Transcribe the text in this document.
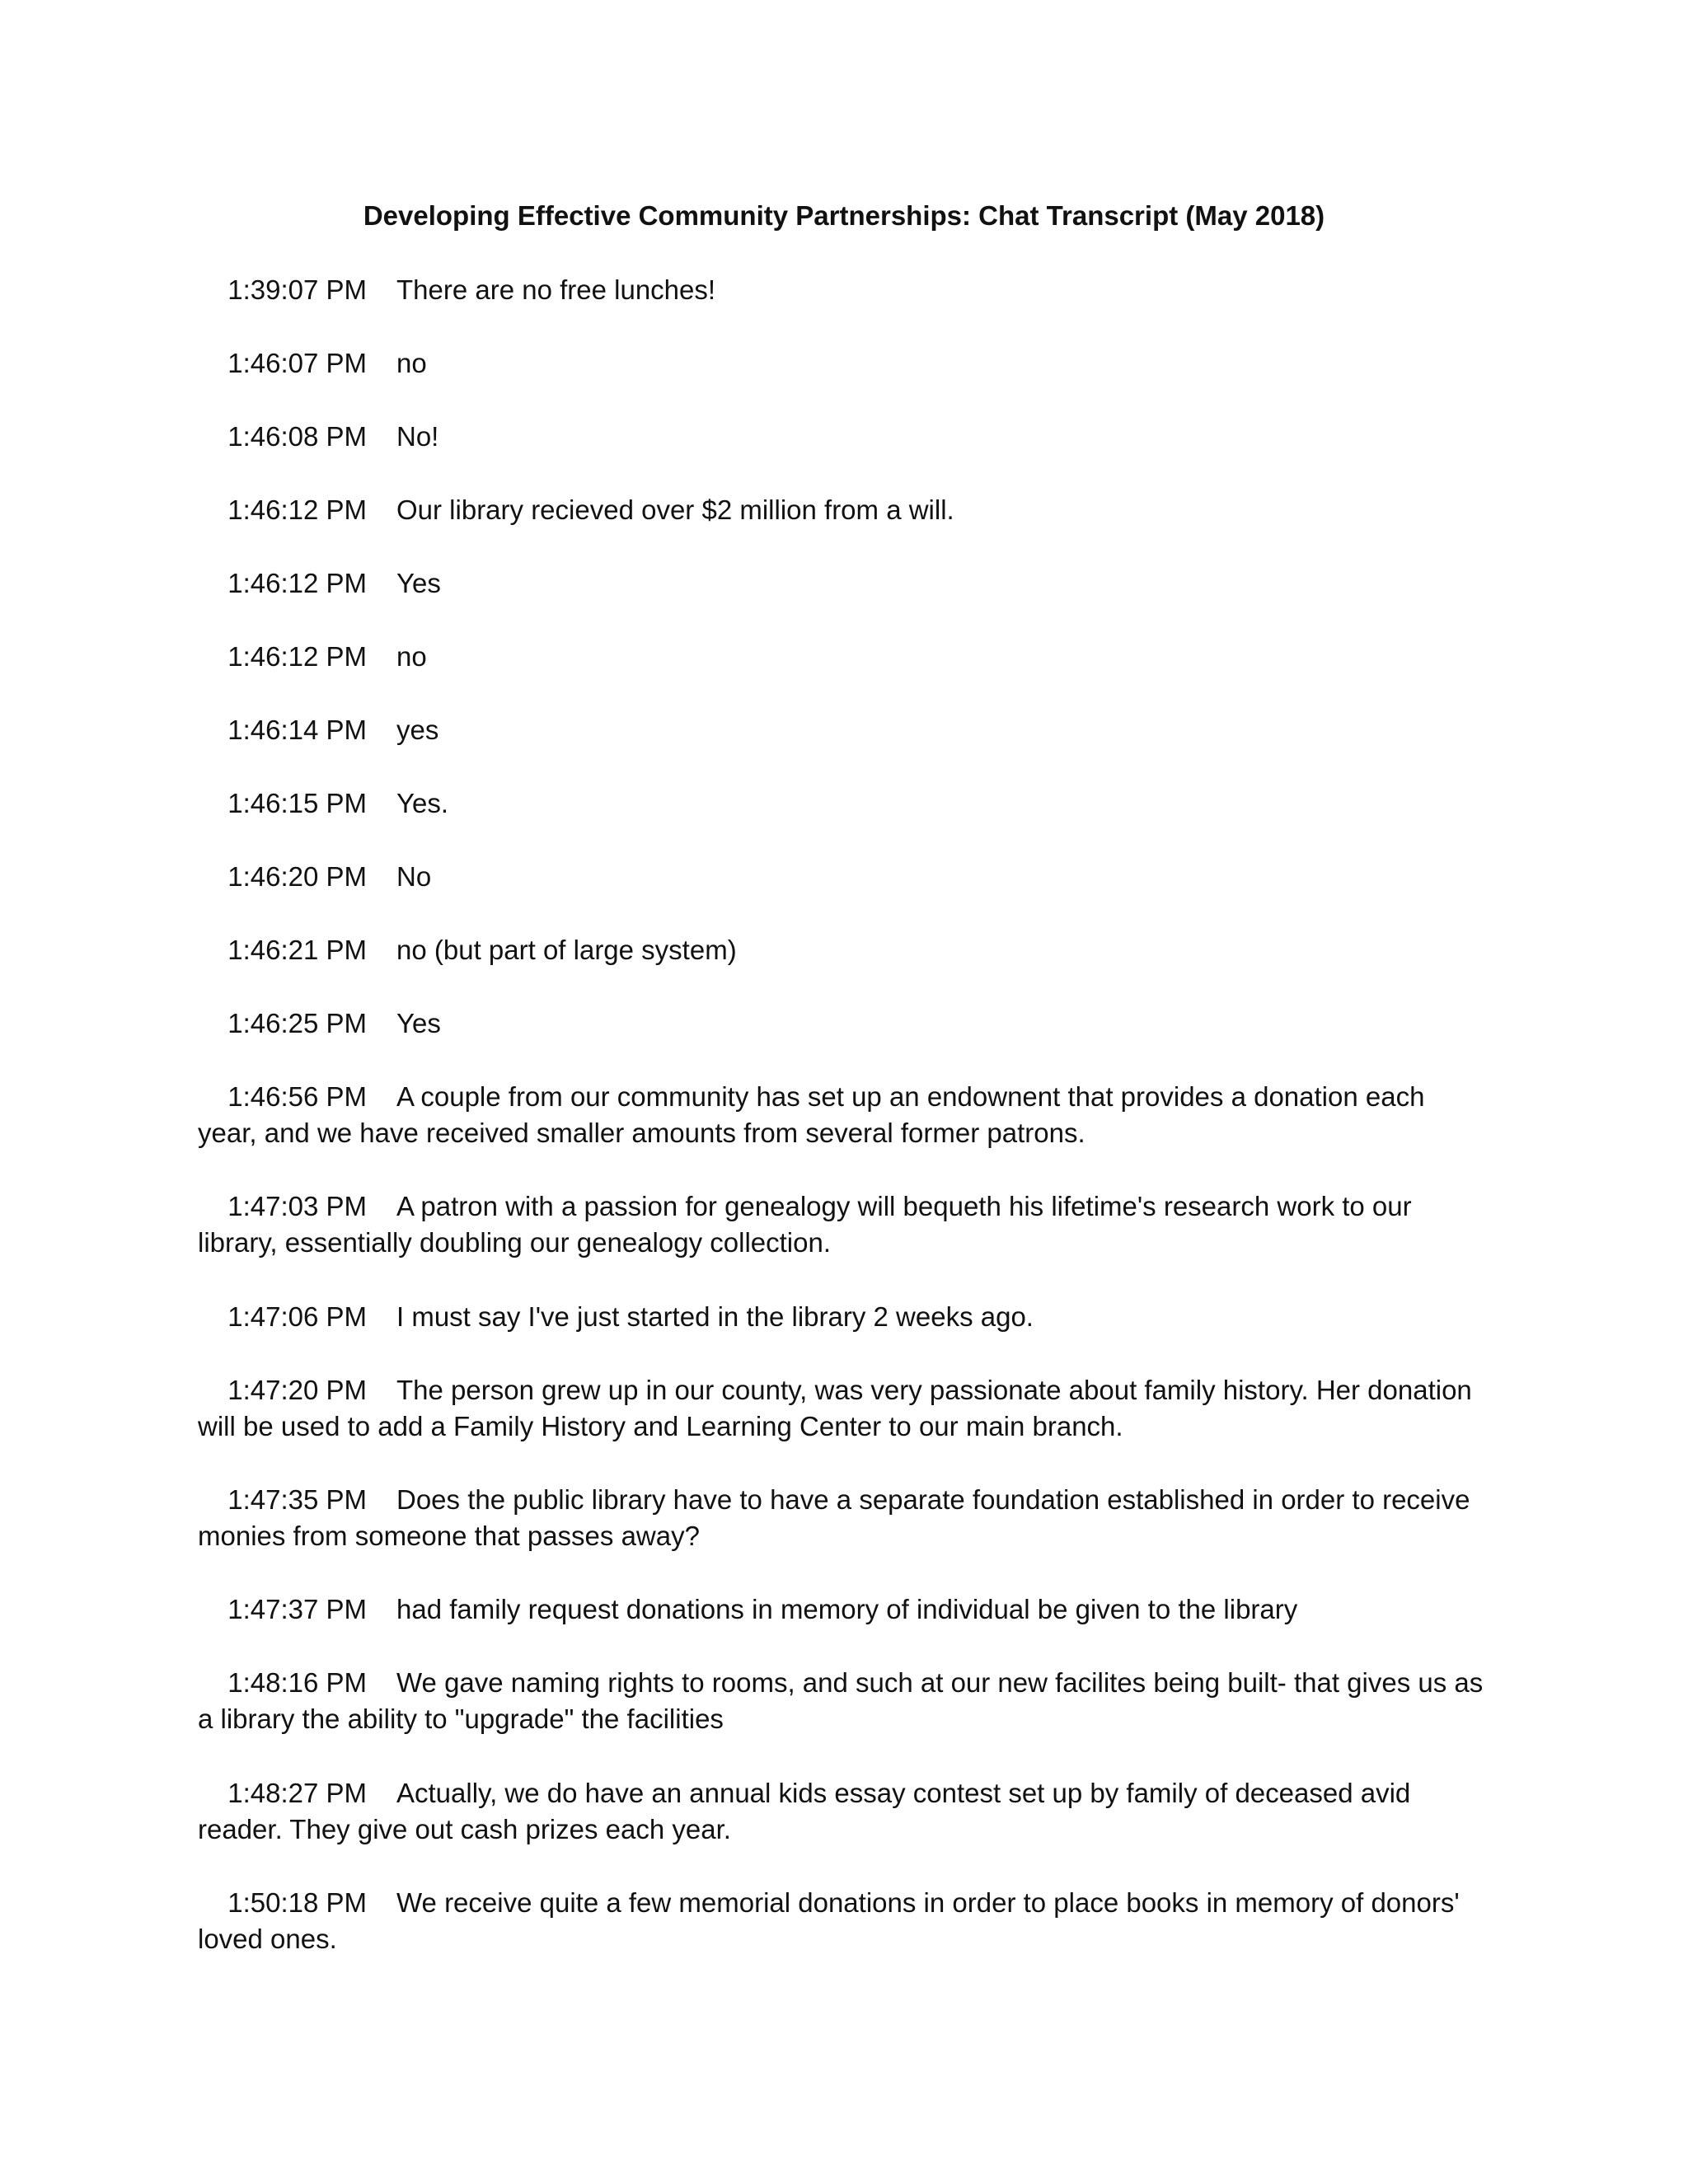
Developing Effective Community Partnerships: Chat Transcript (May 2018)
1:39:07 PM There are no free lunches!
1:46:07 PM no
1:46:08 PM No!
1:46:12 PM Our library recieved over $2 million from a will.
1:46:12 PM Yes
1:46:12 PM no
1:46:14 PM yes
1:46:15 PM Yes.
1:46:20 PM No
1:46:21 PM no (but part of large system)
1:46:25 PM Yes
1:46:56 PM A couple from our community has set up an endownent that provides a donation each year, and we have received smaller amounts from several former patrons.
1:47:03 PM A patron with a passion for genealogy will bequeth his lifetime's research work to our library, essentially doubling our genealogy collection.
1:47:06 PM I must say I've just started in the library 2 weeks ago.
1:47:20 PM The person grew up in our county, was very passionate about family history. Her donation will be used to add a Family History and Learning Center to our main branch.
1:47:35 PM Does the public library have to have a separate foundation established in order to receive monies from someone that passes away?
1:47:37 PM had family request donations in memory of individual be given to the library
1:48:16 PM We gave naming rights to rooms, and such at our new facilites being built- that gives us as a library the ability to "upgrade" the facilities
1:48:27 PM Actually, we do have an annual kids essay contest set up by family of deceased avid reader. They give out cash prizes each year.
1:50:18 PM We receive quite a few memorial donations in order to place books in memory of donors' loved ones.
